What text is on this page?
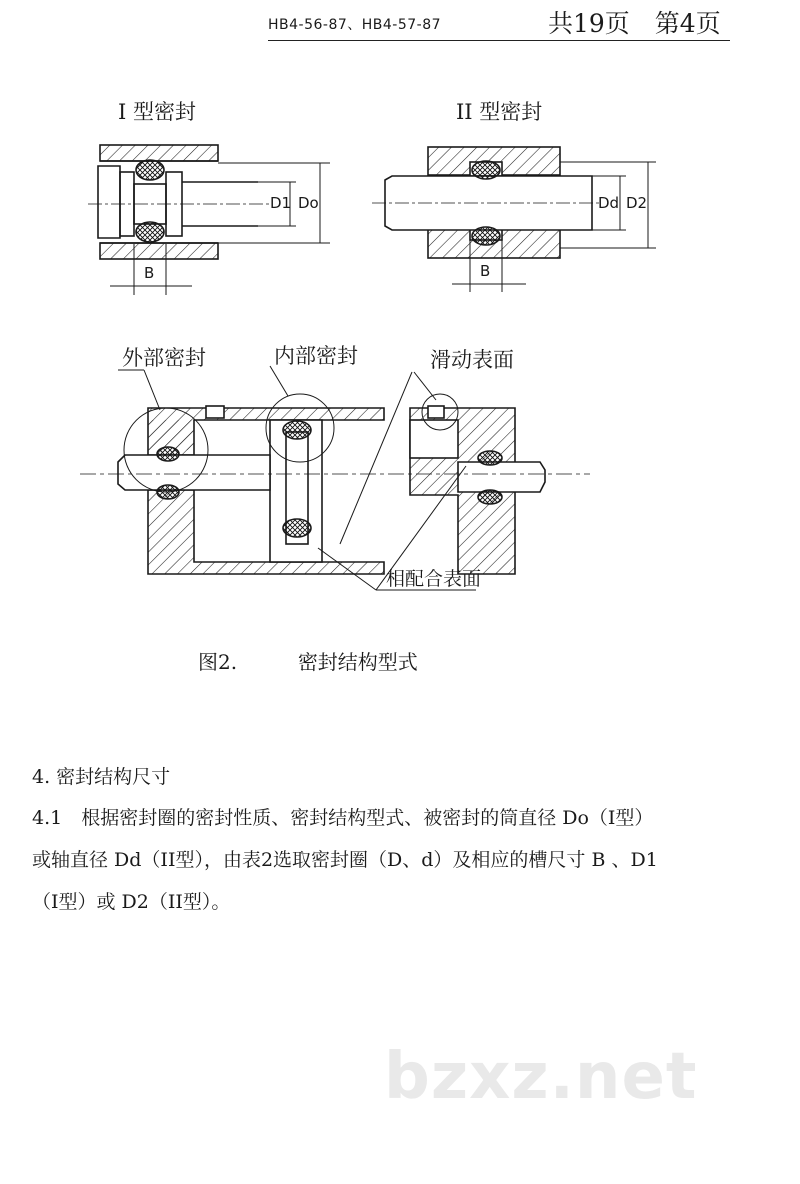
HB4-56-87、HB4-57-87	共19页　第4页
I 型密封	II 型密封
D1 Do	Dd D2
B	B
外部密封	内部密封	滑动表面
相配合表面
图2.	密封结构型式
4. 密封结构尺寸
4.1　根据密封圈的密封性质、密封结构型式、被密封的筒直径 Do（I型）
或轴直径 Dd（II型），由表2选取密封圈（D、d）及相应的槽尺寸 B 、D1
（I型）或 D2（II型）。
bzxz.net
